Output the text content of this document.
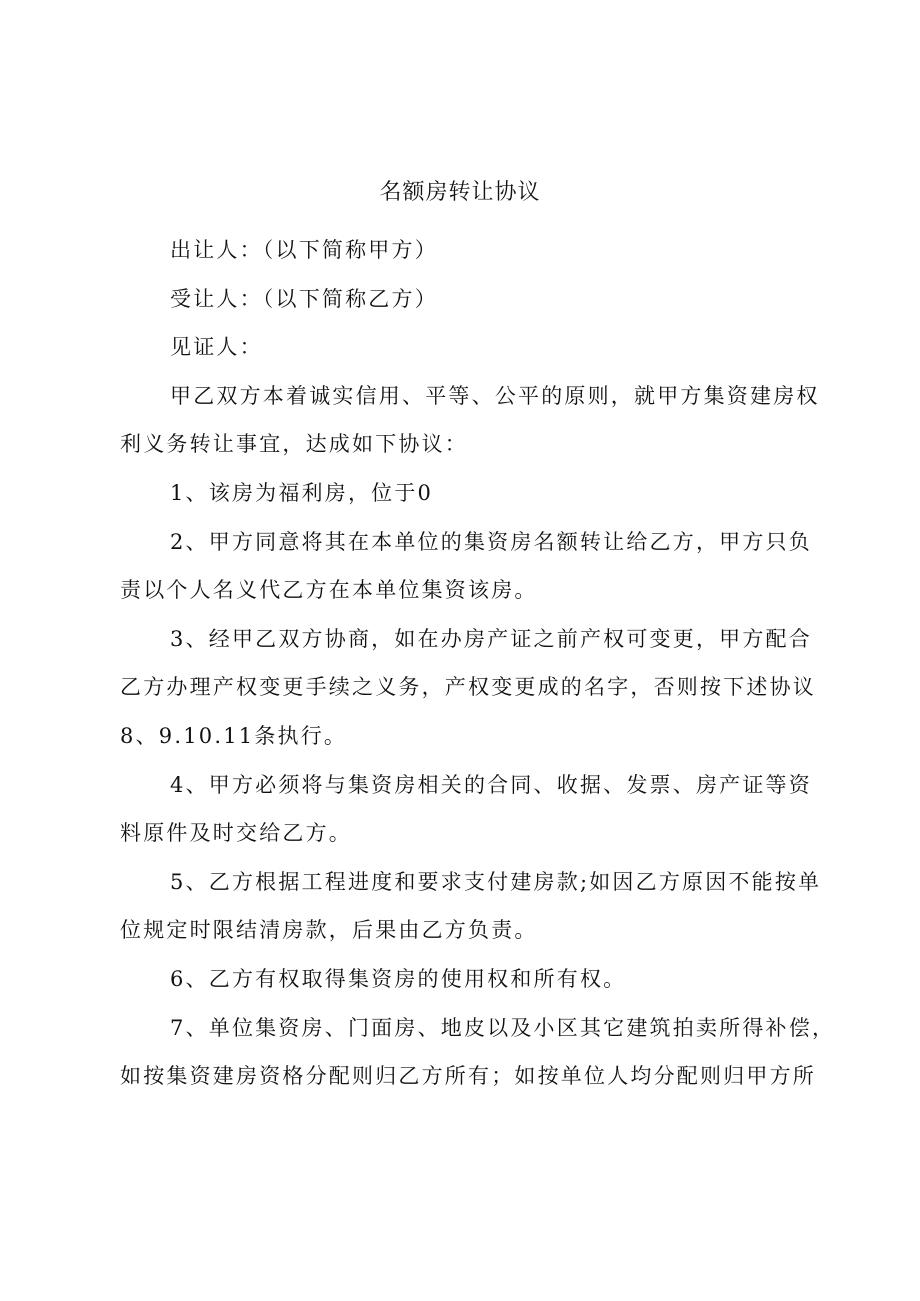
名额房转让协议

出让人：（以下简称甲方）

受让人：（以下简称乙方）

见证人：

甲乙双方本着诚实信用、平等、公平的原则，就甲方集资建房权

利义务转让事宜，达成如下协议：

1、该房为福利房，位于0

2、甲方同意将其在本单位的集资房名额转让给乙方，甲方只负

责以个人名义代乙方在本单位集资该房。

3、经甲乙双方协商，如在办房产证之前产权可变更，甲方配合

乙方办理产权变更手续之义务，产权变更成的名字，否则按下述协议

8、9.10.11条执行。

4、甲方必须将与集资房相关的合同、收据、发票、房产证等资

料原件及时交给乙方。

5、乙方根据工程进度和要求支付建房款;如因乙方原因不能按单

位规定时限结清房款，后果由乙方负责。

6、乙方有权取得集资房的使用权和所有权。

7、单位集资房、门面房、地皮以及小区其它建筑拍卖所得补偿，

如按集资建房资格分配则归乙方所有；如按单位人均分配则归甲方所
